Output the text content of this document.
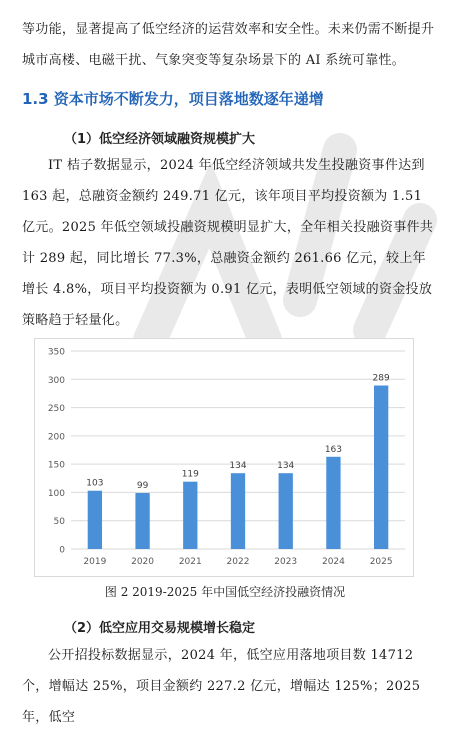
等功能，显著提高了低空经济的运营效率和安全性。未来仍需不断提升城市高楼、电磁干扰、气象突变等复杂场景下的 AI 系统可靠性。

1.3 资本市场不断发力，项目落地数逐年递增
（1）低空经济领域融资规模扩大

IT 桔子数据显示，2024 年低空经济领域共发生投融资事件达到 163 起，总融资金额约 249.71 亿元，该年项目平均投资额为 1.51 亿元。2025 年低空领域投融资规模明显扩大，全年相关投融资事件共计 289 起，同比增长 77.3%，总融资金额约 261.66 亿元，较上年增长 4.8%，项目平均投资额为 0.91 亿元，表明低空领域的资金投放策略趋于轻量化。

0
50
100
150
200
250
300
350
103
2019
99
2020
119
2021
134
2022
134
2023
163
2024
289
2025

图 2 2019-2025 年中国低空经济投融资情况

（2）低空应用交易规模增长稳定

公开招投标数据显示，2024 年，低空应用落地项目数 14712 个，增幅达 25%，项目金额约 227.2 亿元，增幅达 125%；2025 年，低空
